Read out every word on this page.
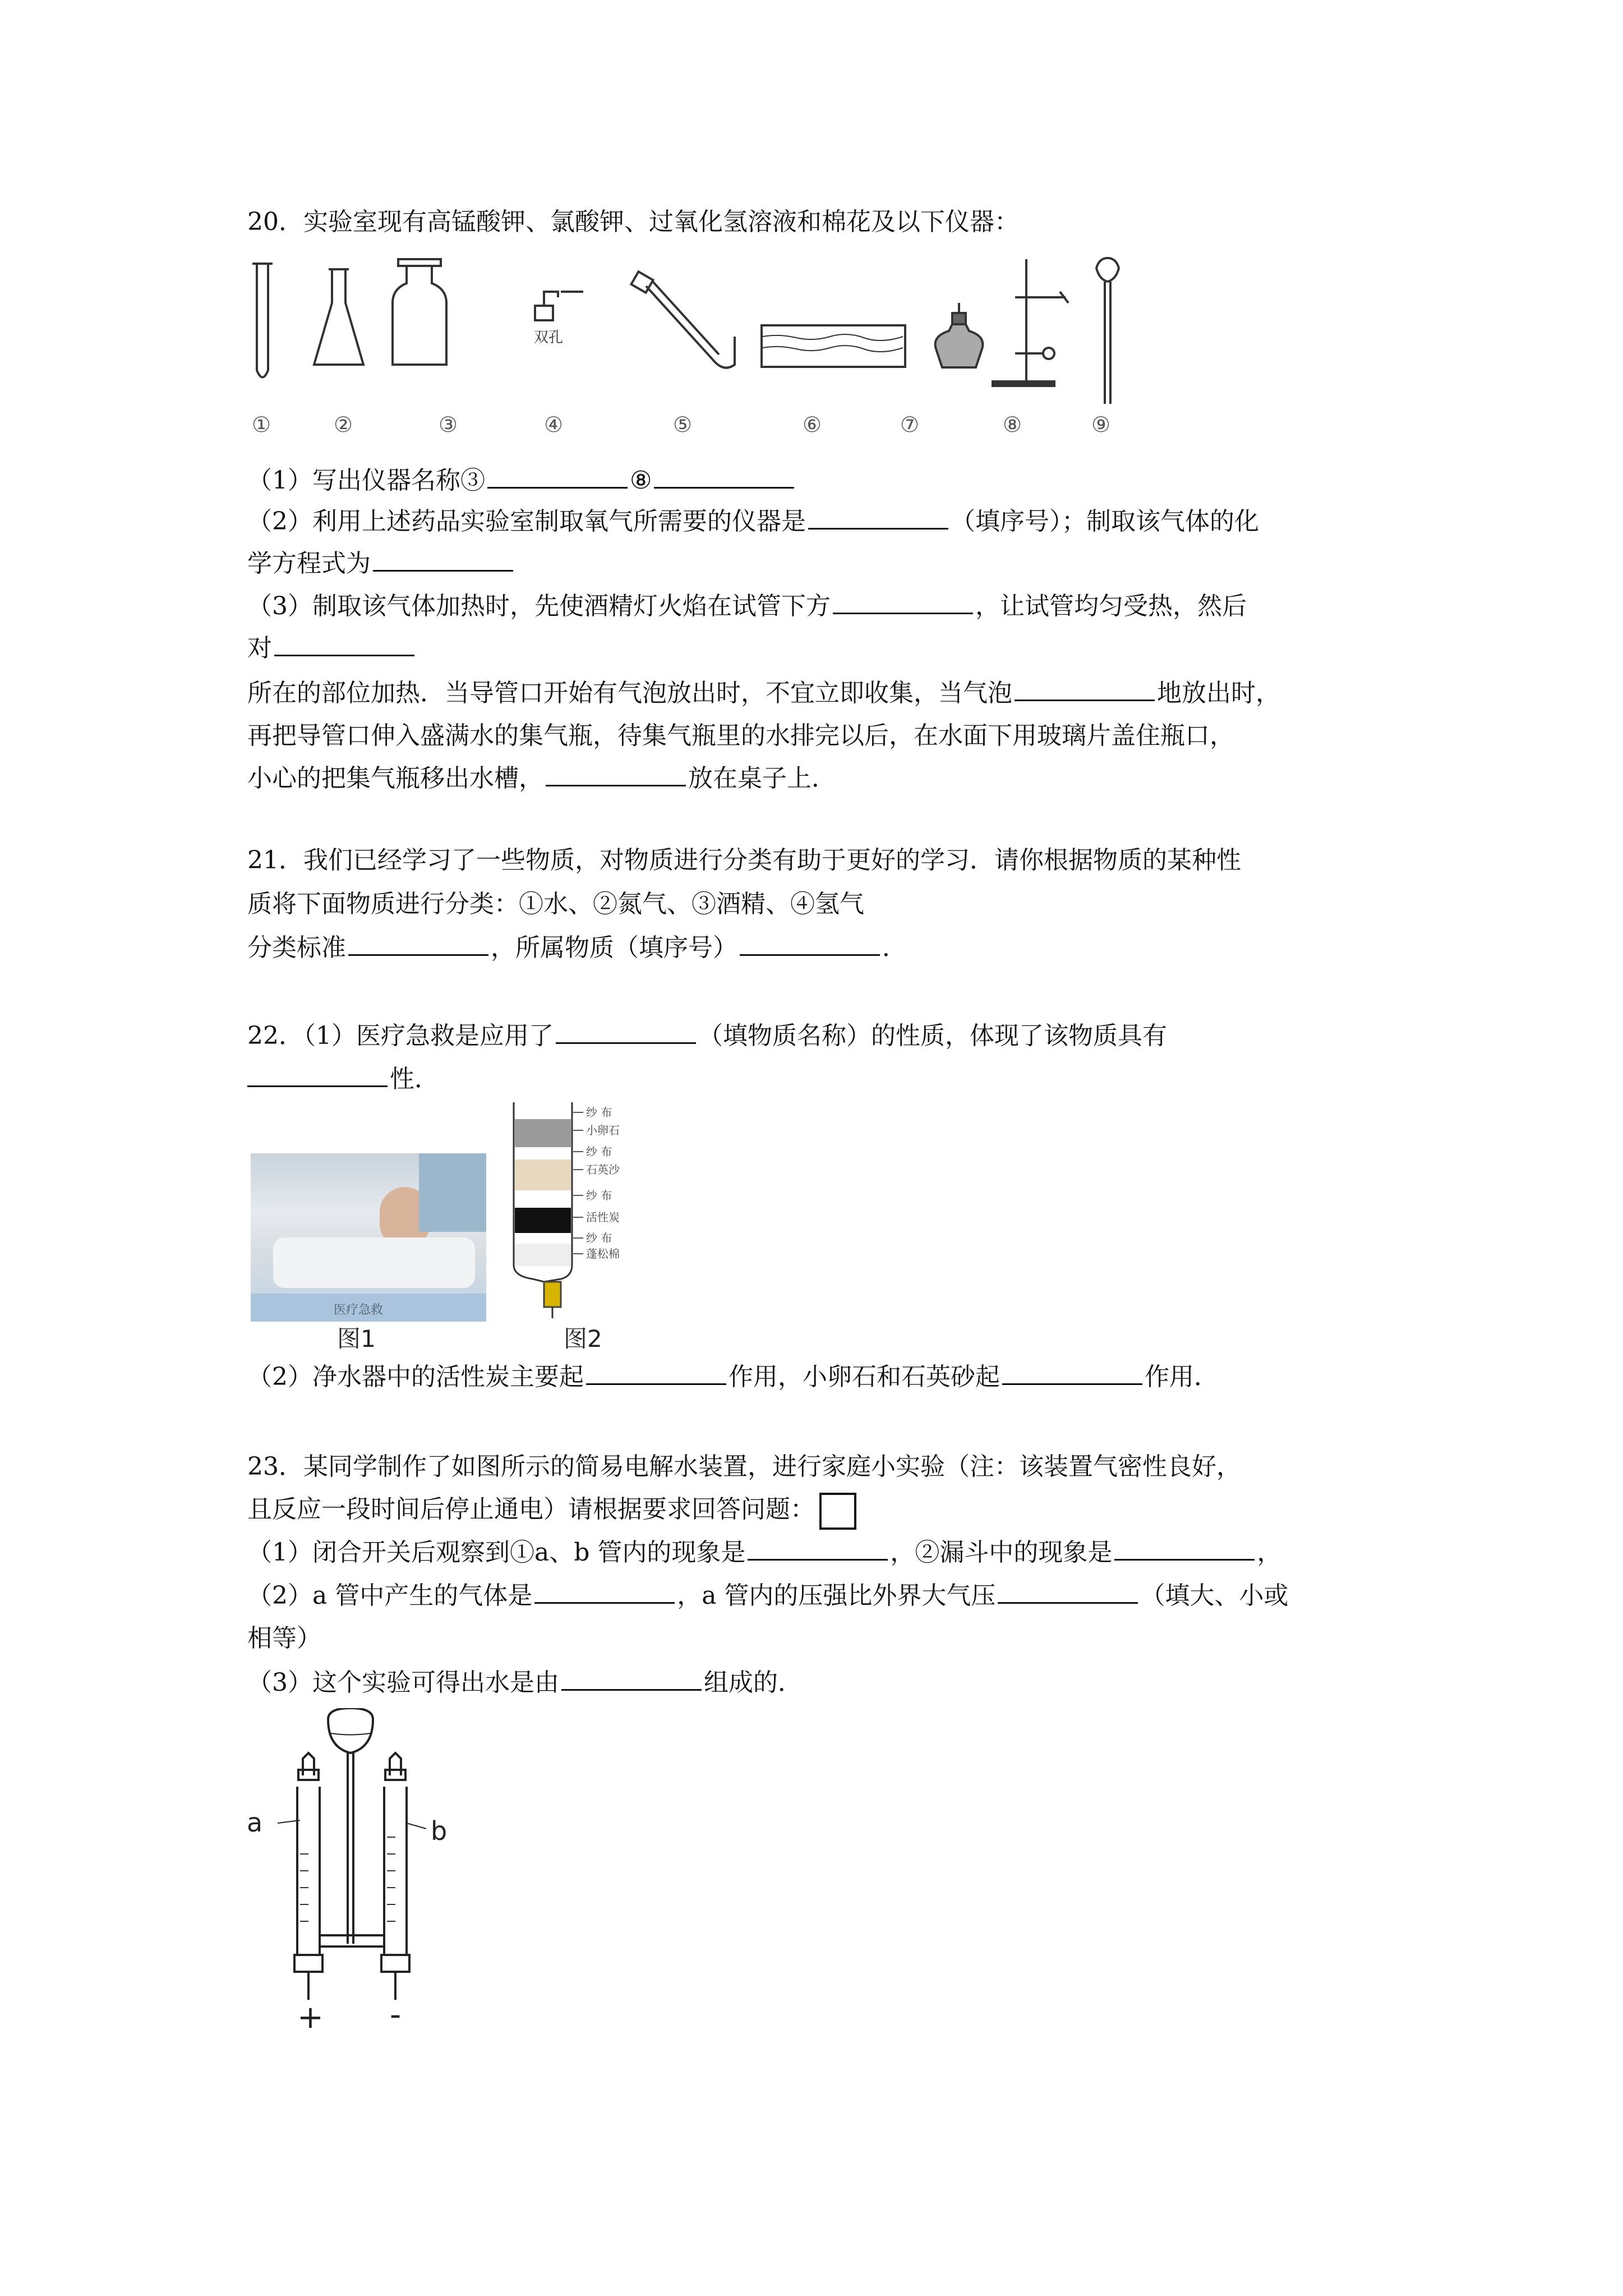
20．实验室现有高锰酸钾、氯酸钾、过氧化氢溶液和棉花及以下仪器：
双孔
①	②	③	④	⑤	⑥	⑦	⑧	⑨
（1）写出仪器名称③	⑧
（2）利用上述药品实验室制取氧气所需要的仪器是	（填序号）；制取该气体的化
学方程式为
（3）制取该气体加热时，先使酒精灯火焰在试管下方	，让试管均匀受热，然后
对
所在的部位加热．当导管口开始有气泡放出时，不宜立即收集，当气泡	地放出时，
再把导管口伸入盛满水的集气瓶，待集气瓶里的水排完以后，在水面下用玻璃片盖住瓶口，
小心的把集气瓶移出水槽，	放在桌子上．
21．我们已经学习了一些物质，对物质进行分类有助于更好的学习．请你根据物质的某种性
质将下面物质进行分类：①水、②氮气、③酒精、④氢气
分类标准	，所属物质（填序号）	．
22．（1）医疗急救是应用了	（填物质名称）的性质，体现了该物质具有
性．
医疗急救
图1
纱 布
小卵石
纱 布
石英沙
纱 布
活性炭
纱 布
蓬松棉
图2
（2）净水器中的活性炭主要起	作用，小卵石和石英砂起	作用．
23．某同学制作了如图所示的简易电解水装置，进行家庭小实验（注：该装置气密性良好，
且反应一段时间后停止通电）请根据要求回答问题：
（1）闭合开关后观察到①a、b 管内的现象是	，②漏斗中的现象是	，
（2）a 管中产生的气体是	，a 管内的压强比外界大气压	（填大、小或
相等）
（3）这个实验可得出水是由	组成的．
a	b
+ -
